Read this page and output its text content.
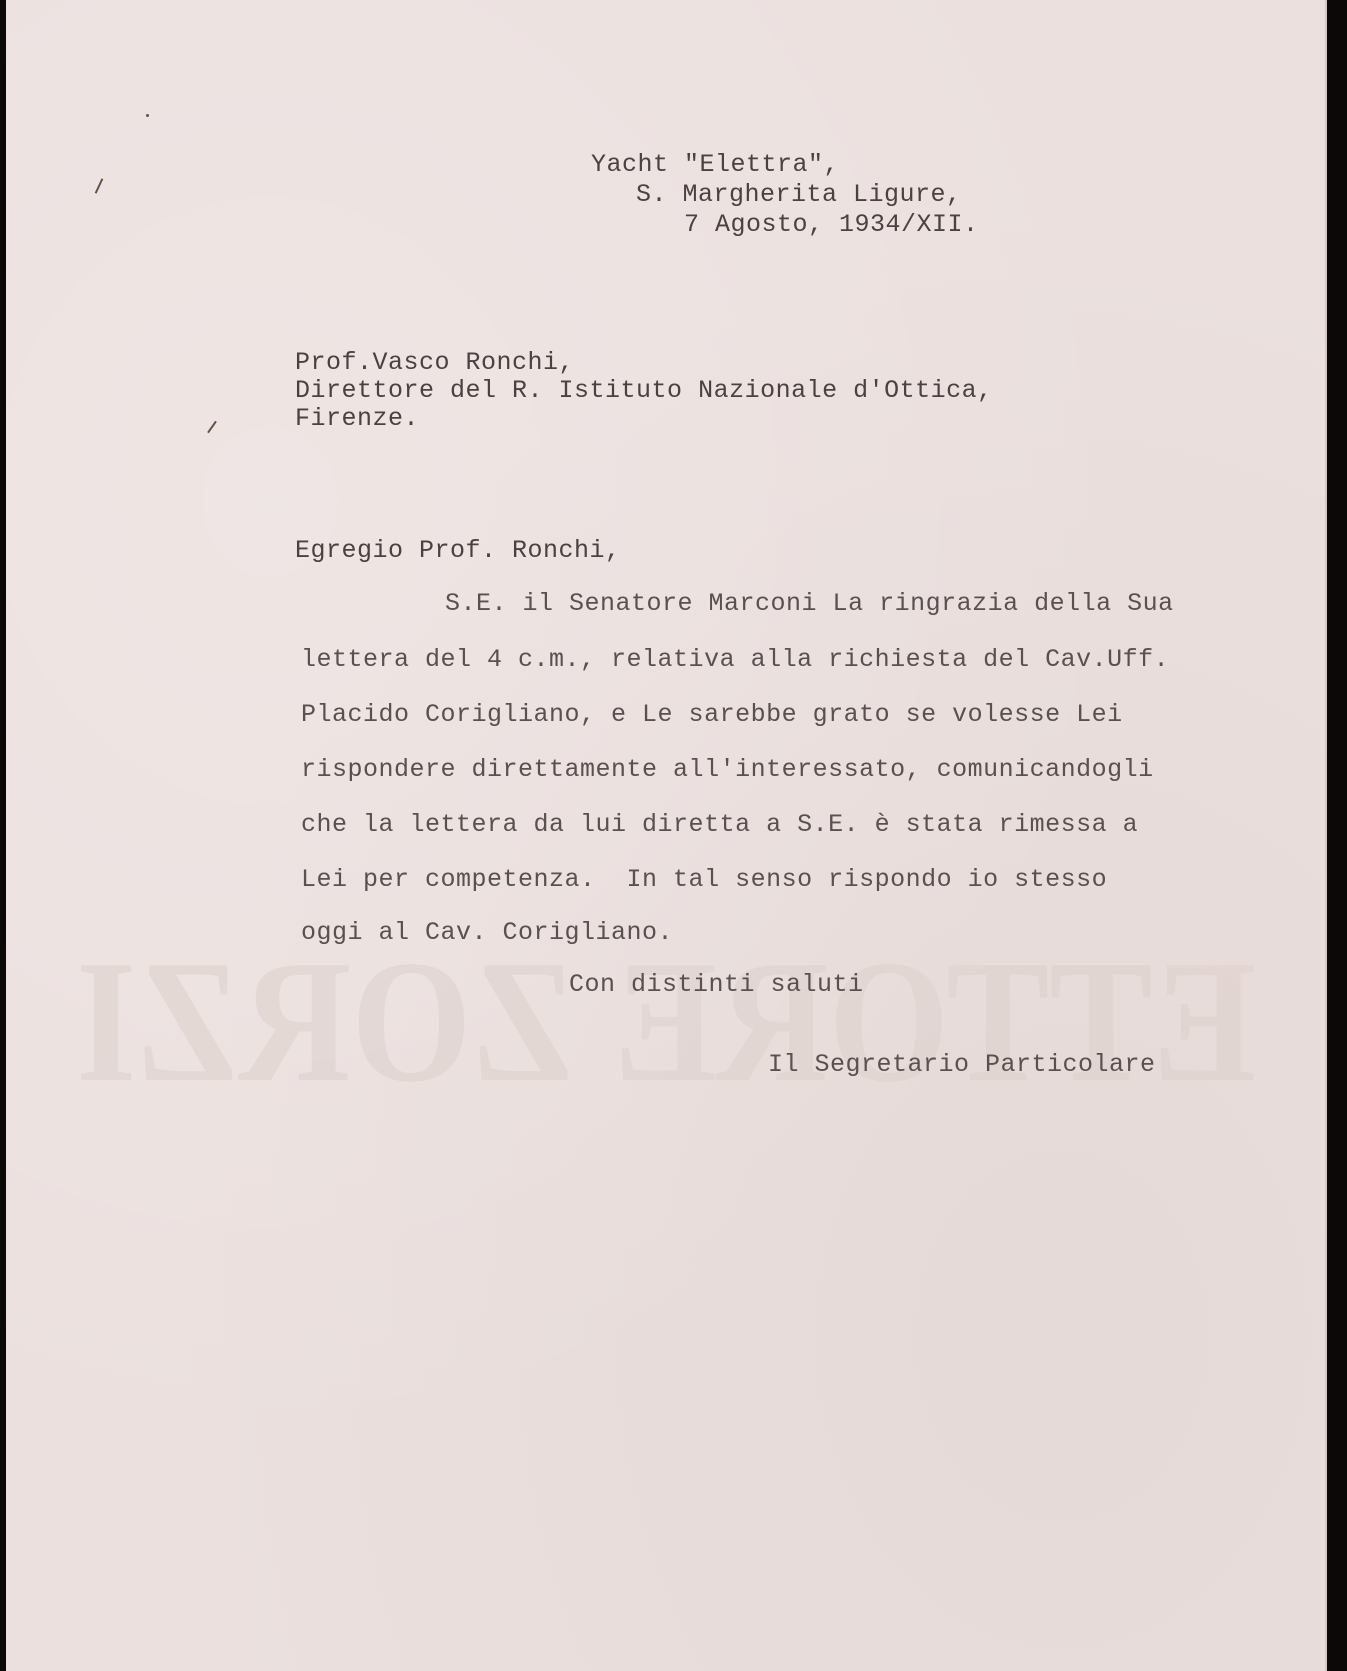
ETTORE ZORZI

Yacht "Elettra",

S. Margherita Ligure,

7 Agosto, 1934/XII.

Prof.Vasco Ronchi,

Direttore del R. Istituto Nazionale d'Ottica,

Firenze.

Egregio Prof. Ronchi,

S.E. il Senatore Marconi La ringrazia della Sua

lettera del 4 c.m., relativa alla richiesta del Cav.Uff.

Placido Corigliano, e Le sarebbe grato se volesse Lei

rispondere direttamente all'interessato, comunicandogli

che la lettera da lui diretta a S.E. è stata rimessa a

Lei per competenza.  In tal senso rispondo io stesso

oggi al Cav. Corigliano.

Con distinti saluti

Il Segretario Particolare
